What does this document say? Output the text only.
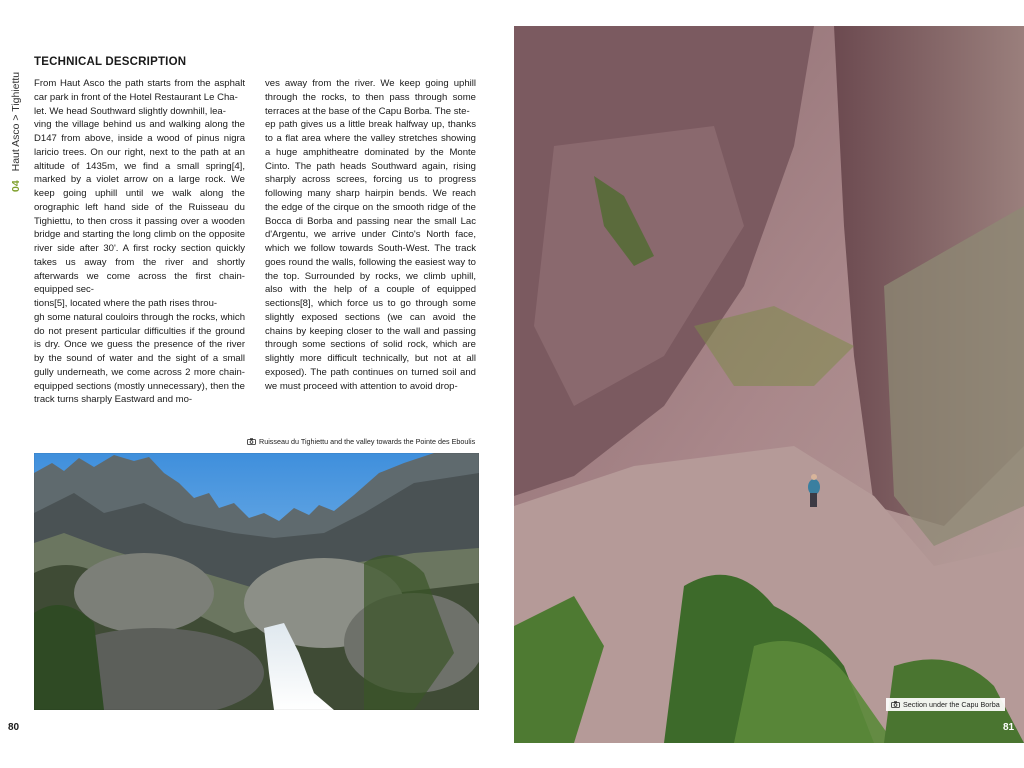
04 Haut Asco > Tighiettu
TECHNICAL DESCRIPTION

From Haut Asco the path starts from the asphalt car park in front of the Hotel Restaurant Le Cha-

let. We head Southward slightly downhill, lea-

ving the village behind us and walking along the D147 from above, inside a wood of pinus nigra laricio trees. On our right, next to the path at an altitude of 1435m, we find a small spring[4], marked by a violet arrow on a large rock. We keep going uphill until we walk along the orographic left hand side of the Ruisseau du Tighiettu, to then cross it passing over a wooden bridge and starting the long climb on the opposite river side after 30'. A first rocky section quickly takes us away from the river and shortly afterwards we come across the first chain-equipped sec-

tions[5], located where the path rises throu-

gh some natural couloirs through the rocks, which do not present particular difficulties if the ground is dry. Once we guess the presence of the river by the sound of water and the sight of a small gully underneath, we come across 2 more chain-equipped sections (mostly unnecessary), then the track turns sharply Eastward and mo-

ves away from the river. We keep going uphill through the rocks, to then pass through some terraces at the base of the Capu Borba. The ste-

ep path gives us a little break halfway up, thanks to a flat area where the valley stretches showing a huge amphitheatre dominated by the Monte Cinto. The path heads Southward again, rising sharply across screes, forcing us to progress following many sharp hairpin bends. We reach the edge of the cirque on the smooth ridge of the Bocca di Borba and passing near the small Lac d'Argentu, we arrive under Cinto's North face, which we follow towards South-West. The track goes round the walls, following the easiest way to the top. Surrounded by rocks, we climb uphill, also with the help of a couple of equipped sections[8], which force us to go through some slightly exposed sections (we can avoid the chains by keeping closer to the wall and passing through some sections of solid rock, which are slightly more difficult technically, but not at all exposed). The path continues on turned soil and we must proceed with attention to avoid drop-

Ruisseau du Tighiettu and the valley towards the Pointe des Eboulis
Section under the Capu Borba
80	81
